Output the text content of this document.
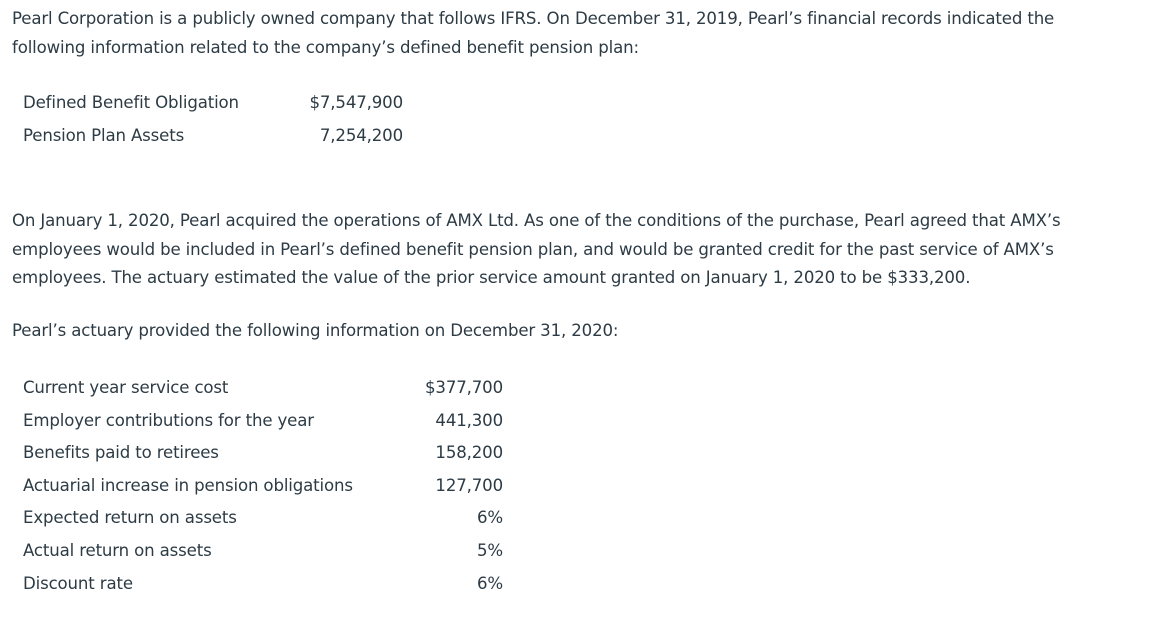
Pearl Corporation is a publicly owned company that follows IFRS. On December 31, 2019, Pearl’s financial records indicated the
following information related to the company’s defined benefit pension plan:

Defined Benefit Obligation	$7,547,900
Pension Plan Assets	7,254,200

On January 1, 2020, Pearl acquired the operations of AMX Ltd. As one of the conditions of the purchase, Pearl agreed that AMX’s
employees would be included in Pearl’s defined benefit pension plan, and would be granted credit for the past service of AMX’s
employees. The actuary estimated the value of the prior service amount granted on January 1, 2020 to be $333,200.

Pearl’s actuary provided the following information on December 31, 2020:

Current year service cost	$377,700
Employer contributions for the year	441,300
Benefits paid to retirees	158,200
Actuarial increase in pension obligations	127,700
Expected return on assets	6%
Actual return on assets	5%
Discount rate	6%
